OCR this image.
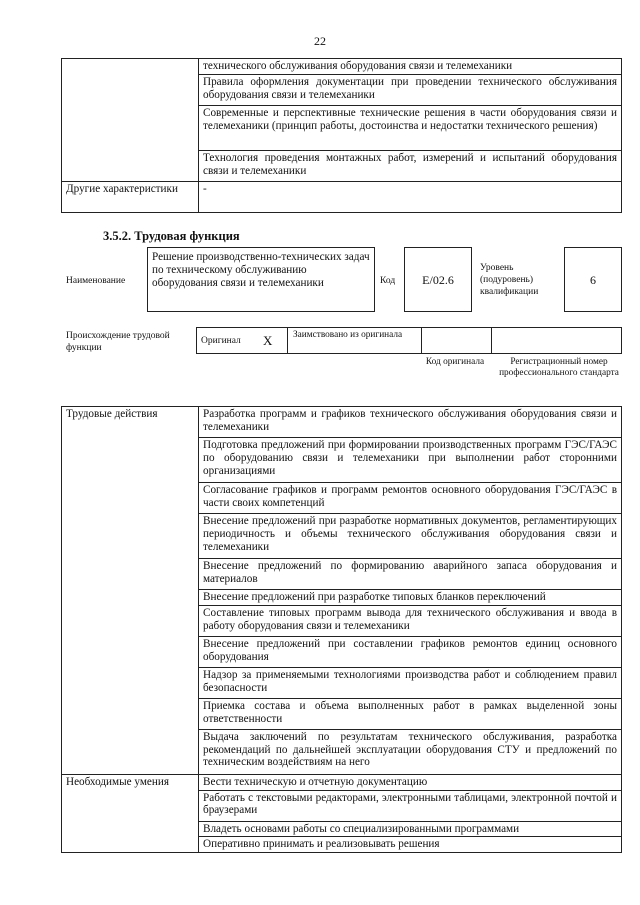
22
	технического обслуживания оборудования связи и телемеханики
	Правила оформления документации при проведении технического обслуживания оборудования связи и телемеханики
	Современные и перспективные технические решения в части оборудования связи и телемеханики (принцип работы, достоинства и недостатки технического решения)
	Технология проведения монтажных работ, измерений и испытаний оборудования связи и телемеханики
Другие характеристики	-
3.5.2. Трудовая функция
Наименование
Решение производственно-технических задач по техническому обслуживанию оборудования связи и телемеханики	Код	E/02.6
Уровень (подуровень) квалификации
6
Происхождение трудовой функции
Оригинал X Заимствовано из оригинала
Код оригинала	Регистрационный номер профессионального стандарта
Трудовые действия	Разработка программ и графиков технического обслуживания оборудования связи и телемеханики
	Подготовка предложений при формировании производственных программ ГЭС/ГАЭС по оборудованию связи и телемеханики при выполнении работ сторонними организациями
	Согласование графиков и программ ремонтов основного оборудования ГЭС/ГАЭС в части своих компетенций
	Внесение предложений при разработке нормативных документов, регламентирующих периодичность и объемы технического обслуживания оборудования связи и телемеханики
	Внесение предложений по формированию аварийного запаса оборудования и материалов
	Внесение предложений при разработке типовых бланков переключений
	Составление типовых программ вывода для технического обслуживания и ввода в работу оборудования связи и телемеханики
	Внесение предложений при составлении графиков ремонтов единиц основного оборудования
	Надзор за применяемыми технологиями производства работ и соблюдением правил безопасности
	Приемка состава и объема выполненных работ в рамках выделенной зоны ответственности
	Выдача заключений по результатам технического обслуживания, разработка рекомендаций по дальнейшей эксплуатации оборудования СТУ и предложений по техническим воздействиям на него
Необходимые умения	Вести техническую и отчетную документацию
	Работать с текстовыми редакторами, электронными таблицами, электронной почтой и браузерами
	Владеть основами работы со специализированными программами
	Оперативно принимать и реализовывать решения
